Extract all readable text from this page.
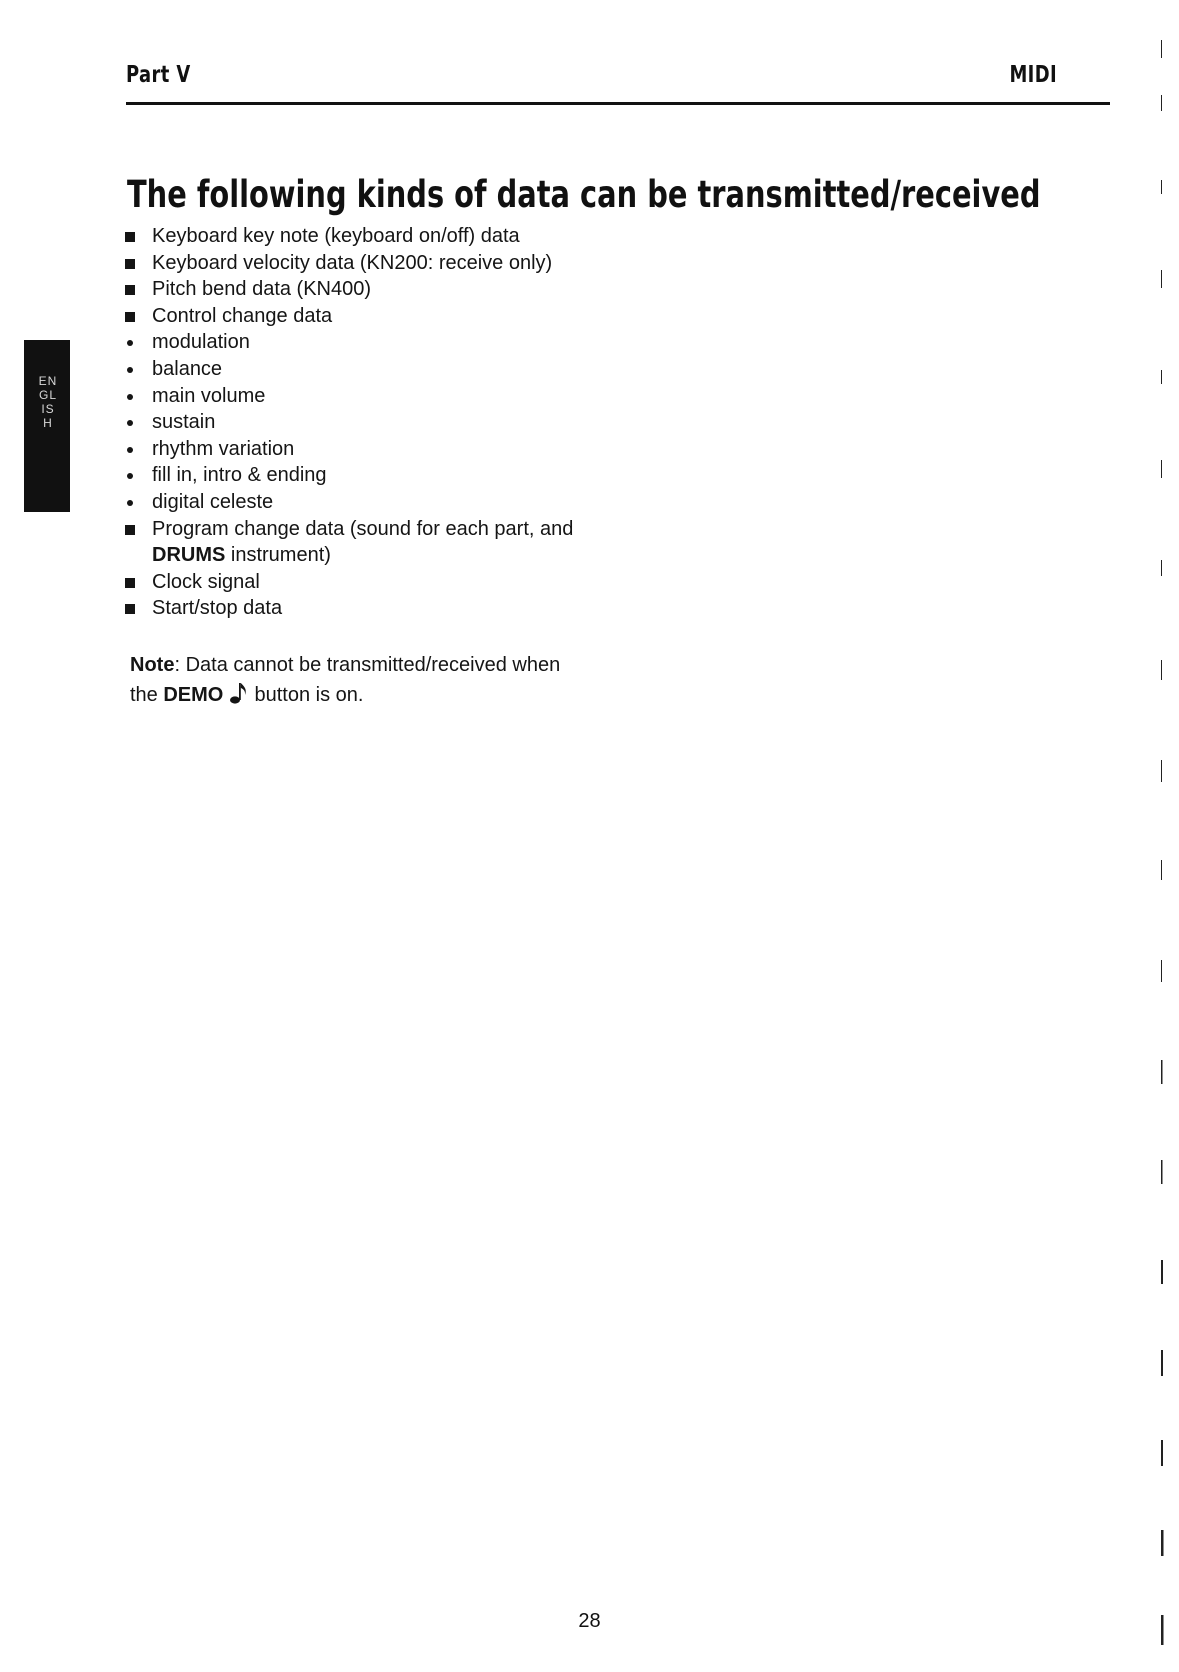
Part V	MIDI
The following kinds of data can be transmitted/received
Keyboard key note (keyboard on/off) data
Keyboard velocity data (KN200: receive only)
Pitch bend data (KN400)
Control change data
modulation
balance
main volume
sustain
rhythm variation
fill in, intro & ending
digital celeste
Program change data (sound for each part, and
DRUMS instrument)
Clock signal
Start/stop data

Note: Data cannot be transmitted/received when
the DEMO  button is on.

ENGLISH
28
